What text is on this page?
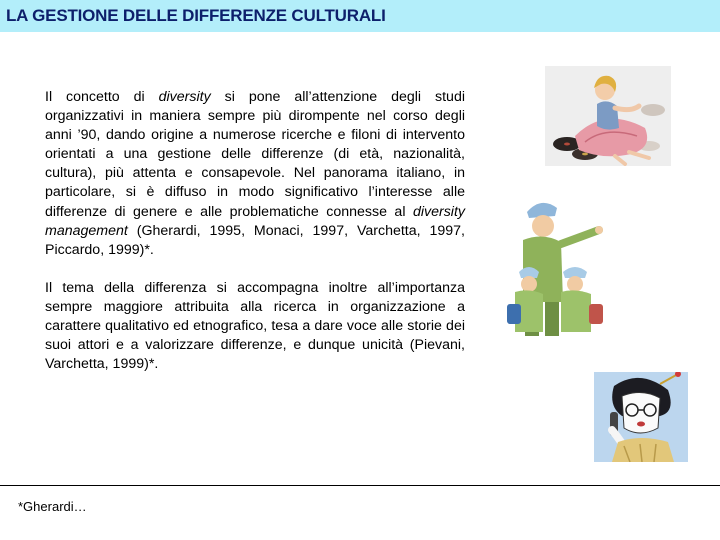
LA GESTIONE DELLE DIFFERENZE CULTURALI

Il concetto di diversity si pone all’attenzione degli studi organizzativi in maniera sempre più dirompente nel corso degli anni ’90, dando origine a numerose ricerche e filoni di intervento orientati a una gestione delle differenze (di età, nazionalità, cultura), più attenta e consapevole. Nel panorama italiano, in particolare, si è diffuso in modo significativo l’interesse alle differenze di genere e alle problematiche connesse al diversity management (Gherardi, 1995, Monaci, 1997, Varchetta, 1997, Piccardo, 1999)*.

Il tema della differenza si accompagna inoltre all’importanza sempre maggiore attribuita alla ricerca in organizzazione a carattere qualitativo ed etnografico, tesa a dare voce alle storie dei suoi attori e a valorizzare differenze, e dunque unicità (Pievani, Varchetta, 1999)*.

*Gherardi…
